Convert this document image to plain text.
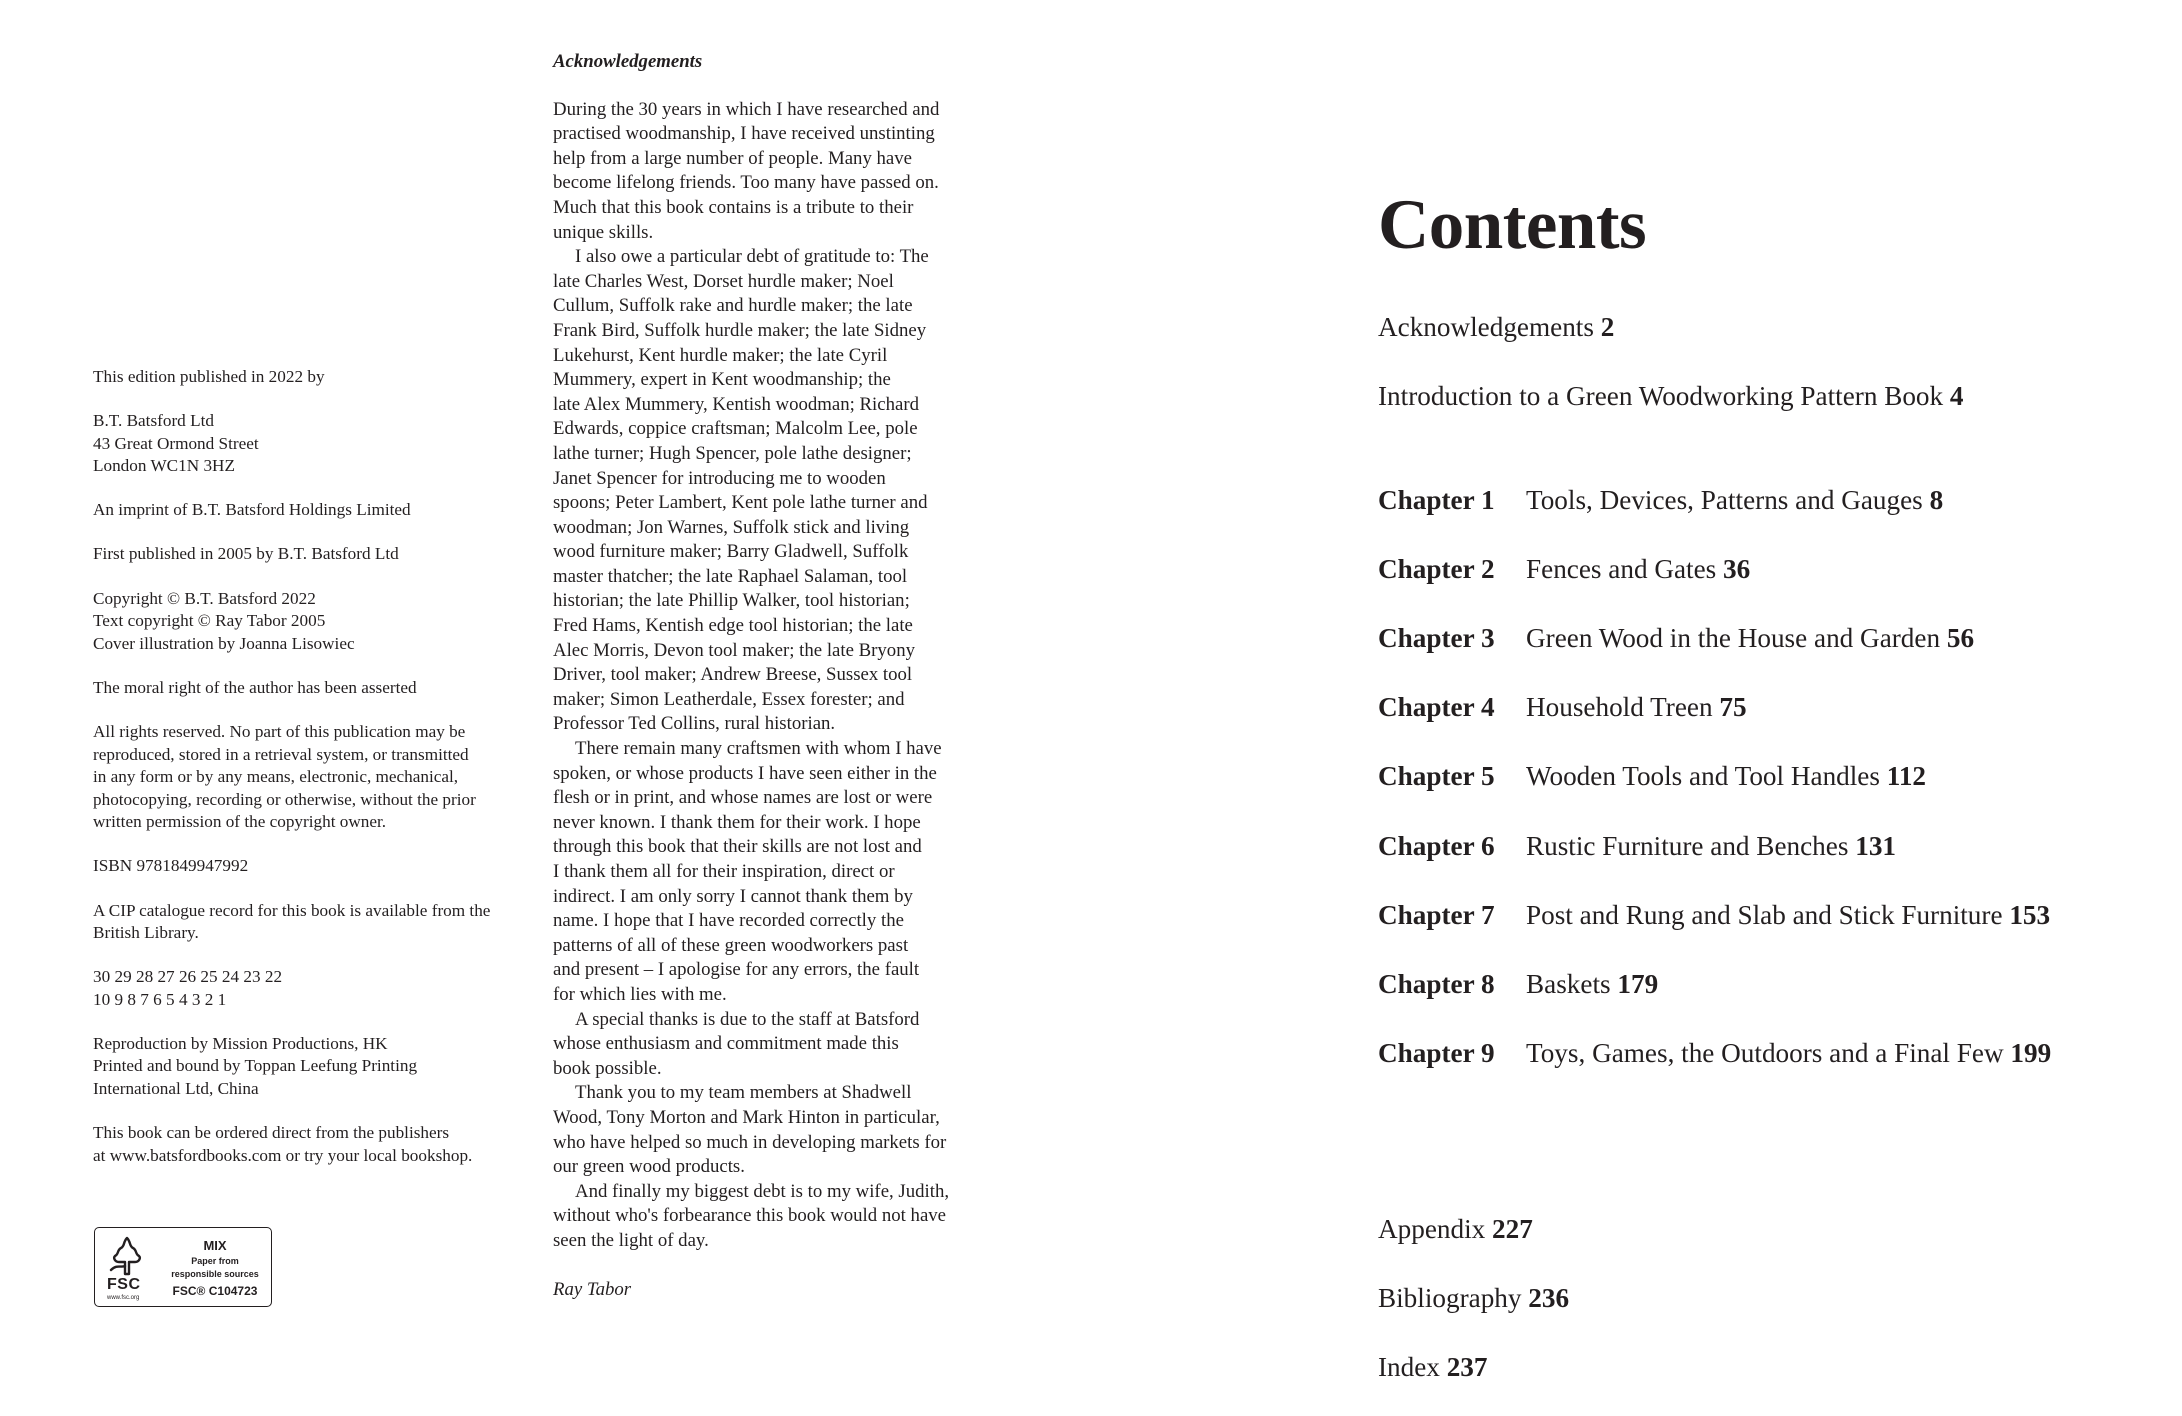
This edition published in 2022 by
B.T. Batsford Ltd
43 Great Ormond Street
London WC1N 3HZ
An imprint of B.T. Batsford Holdings Limited
First published in 2005 by B.T. Batsford Ltd
Copyright © B.T. Batsford 2022
Text copyright © Ray Tabor 2005
Cover illustration by Joanna Lisowiec
The moral right of the author has been asserted
All rights reserved. No part of this publication may be
reproduced, stored in a retrieval system, or transmitted
in any form or by any means, electronic, mechanical,
photocopying, recording or otherwise, without the prior
written permission of the copyright owner.
ISBN 9781849947992
A CIP catalogue record for this book is available from the
British Library.
30 29 28 27 26 25 24 23 22
10 9 8 7 6 5 4 3 2 1
Reproduction by Mission Productions, HK
Printed and bound by Toppan Leefung Printing
International Ltd, China
This book can be ordered direct from the publishers
at www.batsfordbooks.com or try your local bookshop.
FSC
www.fsc.org
MIX
Paper from
responsible sources
FSC® C104723
Acknowledgements
During the 30 years in which I have researched and
practised woodmanship, I have received unstinting
help from a large number of people. Many have
become lifelong friends. Too many have passed on.
Much that this book contains is a tribute to their
unique skills.
I also owe a particular debt of gratitude to: The
late Charles West, Dorset hurdle maker; Noel
Cullum, Suffolk rake and hurdle maker; the late
Frank Bird, Suffolk hurdle maker; the late Sidney
Lukehurst, Kent hurdle maker; the late Cyril
Mummery, expert in Kent woodmanship; the
late Alex Mummery, Kentish woodman; Richard
Edwards, coppice craftsman; Malcolm Lee, pole
lathe turner; Hugh Spencer, pole lathe designer;
Janet Spencer for introducing me to wooden
spoons; Peter Lambert, Kent pole lathe turner and
woodman; Jon Warnes, Suffolk stick and living
wood furniture maker; Barry Gladwell, Suffolk
master thatcher; the late Raphael Salaman, tool
historian; the late Phillip Walker, tool historian;
Fred Hams, Kentish edge tool historian; the late
Alec Morris, Devon tool maker; the late Bryony
Driver, tool maker; Andrew Breese, Sussex tool
maker; Simon Leatherdale, Essex forester; and
Professor Ted Collins, rural historian.
There remain many craftsmen with whom I have
spoken, or whose products I have seen either in the
flesh or in print, and whose names are lost or were
never known. I thank them for their work. I hope
through this book that their skills are not lost and
I thank them all for their inspiration, direct or
indirect. I am only sorry I cannot thank them by
name. I hope that I have recorded correctly the
patterns of all of these green woodworkers past
and present – I apologise for any errors, the fault
for which lies with me.
A special thanks is due to the staff at Batsford
whose enthusiasm and commitment made this
book possible.
Thank you to my team members at Shadwell
Wood, Tony Morton and Mark Hinton in particular,
who have helped so much in developing markets for
our green wood products.
And finally my biggest debt is to my wife, Judith,
without who's forbearance this book would not have
seen the light of day.
Ray Tabor
Contents
Acknowledgements 2
Introduction to a Green Woodworking Pattern Book 4
Chapter 1 Tools, Devices, Patterns and Gauges 8
Chapter 2 Fences and Gates 36
Chapter 3 Green Wood in the House and Garden 56
Chapter 4 Household Treen 75
Chapter 5 Wooden Tools and Tool Handles 112
Chapter 6 Rustic Furniture and Benches 131
Chapter 7 Post and Rung and Slab and Stick Furniture 153
Chapter 8 Baskets 179
Chapter 9 Toys, Games, the Outdoors and a Final Few 199
Appendix 227
Bibliography 236
Index 237
